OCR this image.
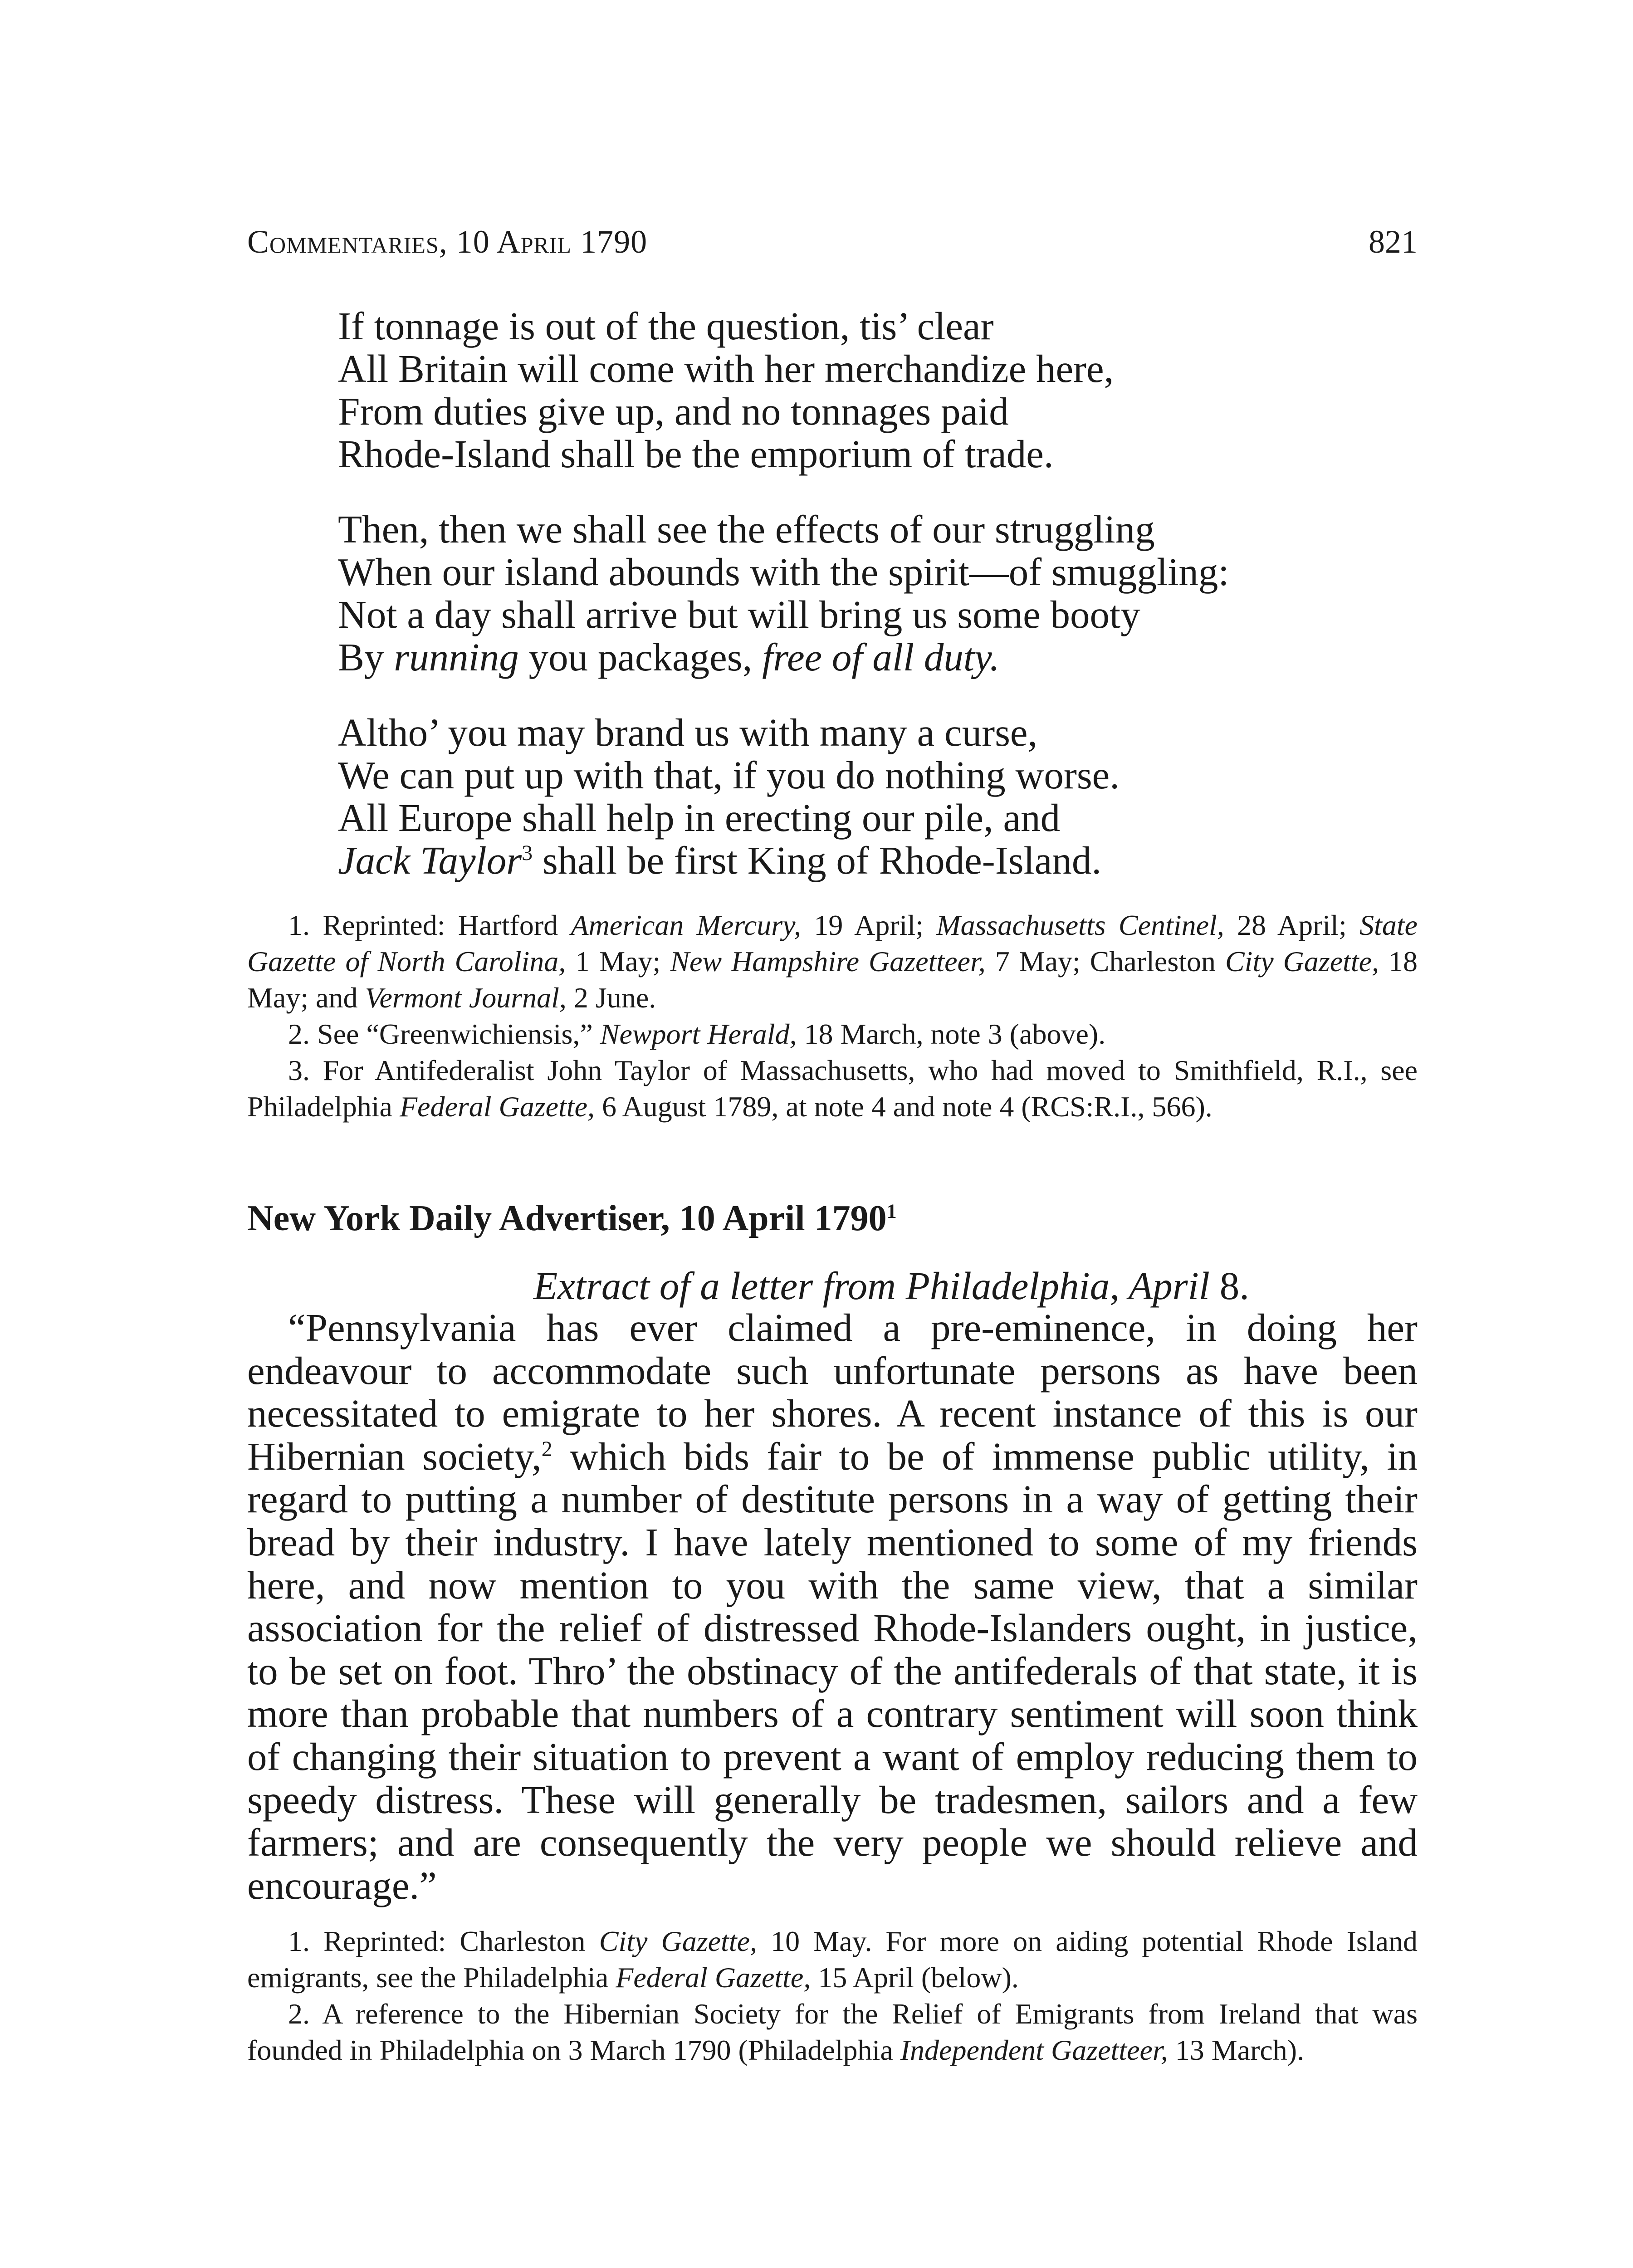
Commentaries, 10 April 1790	821
If tonnage is out of the question, tis’ clear
All Britain will come with her merchandize here,
From duties give up, and no tonnages paid
Rhode-Island shall be the emporium of trade.
Then, then we shall see the effects of our struggling
When our island abounds with the spirit—of smuggling:
Not a day shall arrive but will bring us some booty
By running you packages, free of all duty.
Altho’ you may brand us with many a curse,
We can put up with that, if you do nothing worse.
All Europe shall help in erecting our pile, and
Jack Taylor$^3$ shall be first King of Rhode-Island.

1. Reprinted: Hartford American Mercury, 19 April; Massachusetts Centinel, 28 April; State Gazette of North Carolina, 1 May; New Hampshire Gazetteer, 7 May; Charleston City Gazette, 18 May; and Vermont Journal, 2 June.

2. See “Greenwichiensis,” Newport Herald, 18 March, note 3 (above).

3. For Antifederalist John Taylor of Massachusetts, who had moved to Smithfield, R.I., see Philadelphia Federal Gazette, 6 August 1789, at note 4 and note 4 (RCS:R.I., 566).

New York Daily Advertiser, 10 April 1790$^1$
Extract of a letter from Philadelphia, April 8.

“Pennsylvania has ever claimed a pre-eminence, in doing her endeavour to accommodate such unfortunate persons as have been necessitated to emigrate to her shores. A recent instance of this is our Hibernian society,$^2$ which bids fair to be of immense public utility, in regard to putting a number of destitute persons in a way of getting their bread by their industry. I have lately mentioned to some of my friends here, and now mention to you with the same view, that a similar association for the relief of distressed Rhode-Islanders ought, in justice, to be set on foot. Thro’ the obstinacy of the antifederals of that state, it is more than probable that numbers of a contrary sentiment will soon think of changing their situation to prevent a want of employ reducing them to speedy distress. These will generally be tradesmen, sailors and a few farmers; and are consequently the very people we should relieve and encourage.”

1. Reprinted: Charleston City Gazette, 10 May. For more on aiding potential Rhode Island emigrants, see the Philadelphia Federal Gazette, 15 April (below).

2. A reference to the Hibernian Society for the Relief of Emigrants from Ireland that was founded in Philadelphia on 3 March 1790 (Philadelphia Independent Gazetteer, 13 March).
